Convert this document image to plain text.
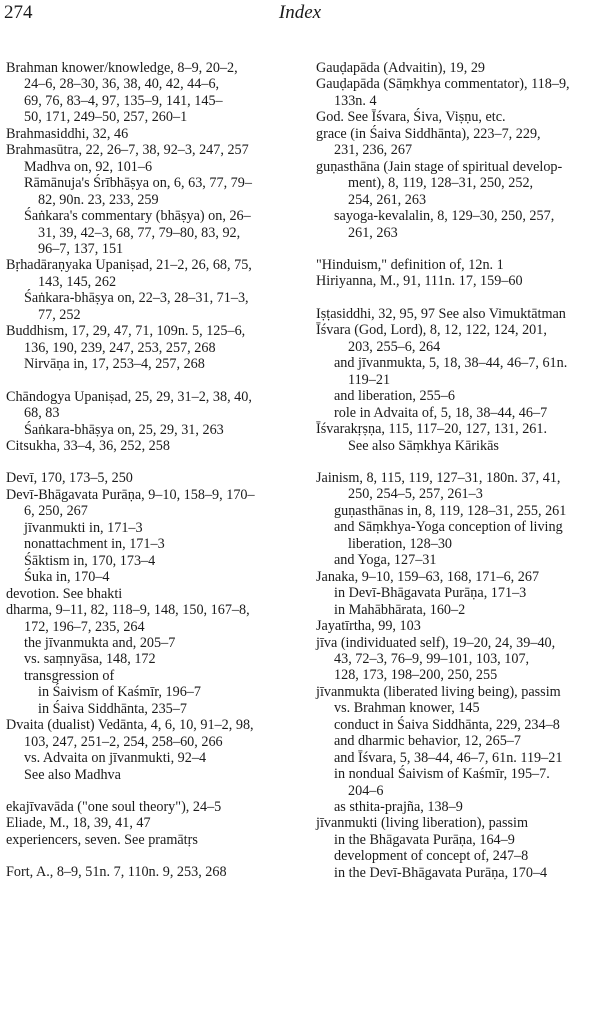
274	Index
Brahman knower/knowledge, 8–9, 20–2,
24–6, 28–30, 36, 38, 40, 42, 44–6,
69, 76, 83–4, 97, 135–9, 141, 145–
50, 171, 249–50, 257, 260–1
Brahmasiddhi, 32, 46
Brahmasūtra, 22, 26–7, 38, 92–3, 247, 257
Madhva on, 92, 101–6
Rāmānuja's Śrībhāṣya on, 6, 63, 77, 79–
82, 90n. 23, 233, 259
Śaṅkara's commentary (bhāṣya) on, 26–
31, 39, 42–3, 68, 77, 79–80, 83, 92,
96–7, 137, 151
Bṛhadāraṇyaka Upaniṣad, 21–2, 26, 68, 75,
143, 145, 262
Śaṅkara-bhāṣya on, 22–3, 28–31, 71–3,
77, 252
Buddhism, 17, 29, 47, 71, 109n. 5, 125–6,
136, 190, 239, 247, 253, 257, 268
Nirvāṇa in, 17, 253–4, 257, 268
Chāndogya Upaniṣad, 25, 29, 31–2, 38, 40,
68, 83
Śaṅkara-bhāṣya on, 25, 29, 31, 263
Citsukha, 33–4, 36, 252, 258
Devī, 170, 173–5, 250
Devī-Bhāgavata Purāṇa, 9–10, 158–9, 170–
6, 250, 267
jīvanmukti in, 171–3
nonattachment in, 171–3
Śāktism in, 170, 173–4
Śuka in, 170–4
devotion. See bhakti
dharma, 9–11, 82, 118–9, 148, 150, 167–8,
172, 196–7, 235, 264
the jīvanmukta and, 205–7
vs. saṃnyāsa, 148, 172
transgression of
in Śaivism of Kaśmīr, 196–7
in Śaiva Siddhānta, 235–7
Dvaita (dualist) Vedānta, 4, 6, 10, 91–2, 98,
103, 247, 251–2, 254, 258–60, 266
vs. Advaita on jīvanmukti, 92–4
See also Madhva
ekajīvavāda ("one soul theory"), 24–5
Eliade, M., 18, 39, 41, 47
experiencers, seven. See pramātṛs
Fort, A., 8–9, 51n. 7, 110n. 9, 253, 268
Gauḍapāda (Advaitin), 19, 29
Gauḍapāda (Sāṃkhya commentator), 118–9,
133n. 4
God. See Īśvara, Śiva, Viṣṇu, etc.
grace (in Śaiva Siddhānta), 223–7, 229,
231, 236, 267
guṇasthāna (Jain stage of spiritual develop-
ment), 8, 119, 128–31, 250, 252,
254, 261, 263
sayoga-kevalalin, 8, 129–30, 250, 257,
261, 263
"Hinduism," definition of, 12n. 1
Hiriyanna, M., 91, 111n. 17, 159–60
Iṣṭasiddhi, 32, 95, 97 See also Vimuktātman
Īśvara (God, Lord), 8, 12, 122, 124, 201,
203, 255–6, 264
and jīvanmukta, 5, 18, 38–44, 46–7, 61n.
119–21
and liberation, 255–6
role in Advaita of, 5, 18, 38–44, 46–7
Īśvarakṛṣṇa, 115, 117–20, 127, 131, 261.
See also Sāṃkhya Kārikās
Jainism, 8, 115, 119, 127–31, 180n. 37, 41,
250, 254–5, 257, 261–3
guṇasthānas in, 8, 119, 128–31, 255, 261
and Sāṃkhya-Yoga conception of living
liberation, 128–30
and Yoga, 127–31
Janaka, 9–10, 159–63, 168, 171–6, 267
in Devī-Bhāgavata Purāṇa, 171–3
in Mahābhārata, 160–2
Jayatīrtha, 99, 103
jīva (individuated self), 19–20, 24, 39–40,
43, 72–3, 76–9, 99–101, 103, 107,
128, 173, 198–200, 250, 255
jīvanmukta (liberated living being), passim
vs. Brahman knower, 145
conduct in Śaiva Siddhānta, 229, 234–8
and dharmic behavior, 12, 265–7
and Īśvara, 5, 38–44, 46–7, 61n. 119–21
in nondual Śaivism of Kaśmīr, 195–7.
204–6
as sthita-prajña, 138–9
jīvanmukti (living liberation), passim
in the Bhāgavata Purāṇa, 164–9
development of concept of, 247–8
in the Devī-Bhāgavata Purāṇa, 170–4
